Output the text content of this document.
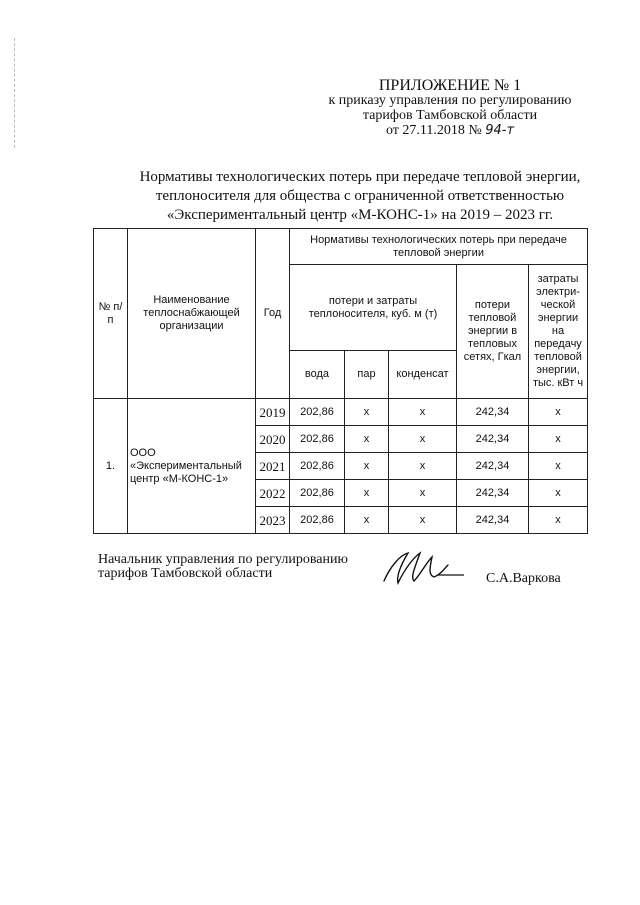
ПРИЛОЖЕНИЕ № 1
к приказу управления по регулированию
тарифов Тамбовской области
от 27.11.2018 № 94-т
Нормативы технологических потерь при передаче тепловой энергии,
теплоносителя для общества с ограниченной ответственностью
«Экспериментальный центр «М-КОНС-1» на 2019 – 2023 гг.
№ п/п	Наименование теплоснабжающей организации	Год	Нормативы технологических потерь при передаче тепловой энергии				
			потери и затраты теплоносителя, куб. м (т)			потери тепловой энергии в тепловых сетях, Гкал	затраты электри-ческой энергии на передачу тепловой энергии, тыс. кВт ч
			вода	пар	конденсат		
1.	ООО «Экспериментальный центр «М-КОНС-1»	2019	202,86	x	x	242,34	x
		2020	202,86	x	x	242,34	x
		2021	202,86	x	x	242,34	x
		2022	202,86	x	x	242,34	x
		2023	202,86	x	x	242,34	x
Начальник управления по регулированию
тарифов Тамбовской области	С.А.Варкова
